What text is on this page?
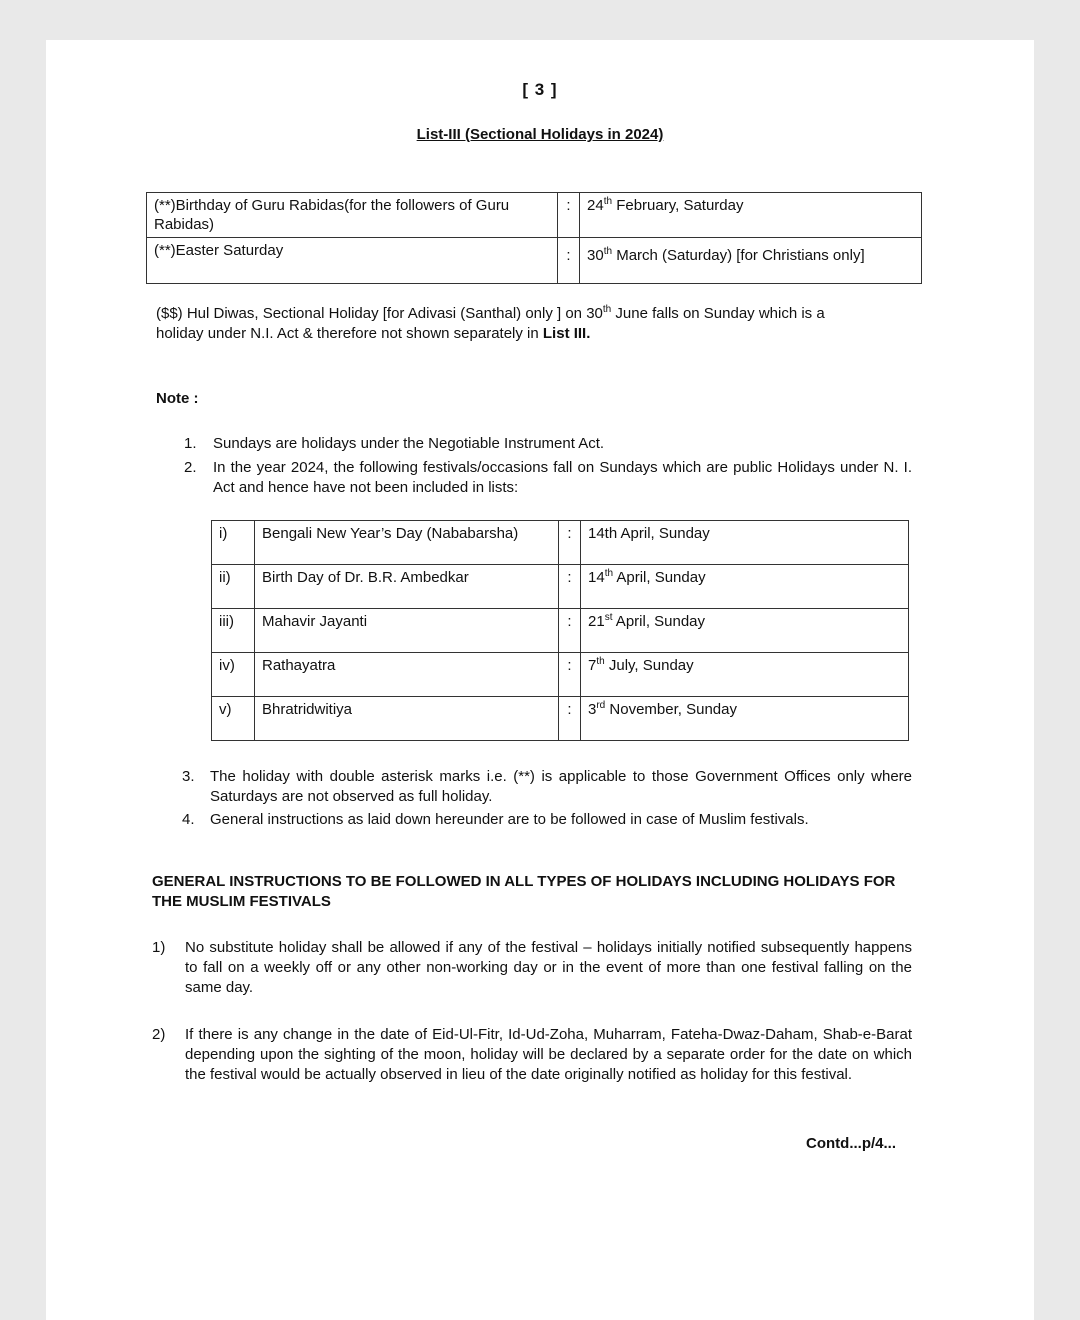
[ 3 ]
List-III (Sectional Holidays in 2024)
(**)Birthday of Guru Rabidas(for the followers of Guru Rabidas)	:	24th February, Saturday
(**)Easter Saturday	:	30th March (Saturday) [for Christians only]
($$) Hul Diwas, Sectional Holiday [for Adivasi (Santhal) only ] on 30th June falls on Sunday which is a holiday under N.I. Act & therefore not shown separately in List III.
Note :
1. Sundays are holidays under the Negotiable Instrument Act.
2. In the year 2024, the following festivals/occasions fall on Sundays which are public Holidays under N. I. Act and hence have not been included in lists:
i)	Bengali New Year’s Day (Nababarsha)	:	14th April, Sunday
ii)	Birth Day of Dr. B.R. Ambedkar	:	14th April, Sunday
iii)	Mahavir Jayanti	:	21st April, Sunday
iv)	Rathayatra	:	7th July, Sunday
v)	Bhratridwitiya	:	3rd November, Sunday
3. The holiday with double asterisk marks i.e. (**) is applicable to those Government Offices only where Saturdays are not observed as full holiday.
4. General instructions as laid down hereunder are to be followed in case of Muslim festivals.
GENERAL INSTRUCTIONS TO BE FOLLOWED IN ALL TYPES OF HOLIDAYS INCLUDING HOLIDAYS FOR THE MUSLIM FESTIVALS
1) No substitute holiday shall be allowed if any of the festival – holidays initially notified subsequently happens to fall on a weekly off or any other non-working day or in the event of more than one festival falling on the same day.
2) If there is any change in the date of Eid-Ul-Fitr, Id-Ud-Zoha, Muharram, Fateha-Dwaz-Daham, Shab-e-Barat depending upon the sighting of the moon, holiday will be declared by a separate order for the date on which the festival would be actually observed in lieu of the date originally notified as holiday for this festival.
Contd...p/4...
